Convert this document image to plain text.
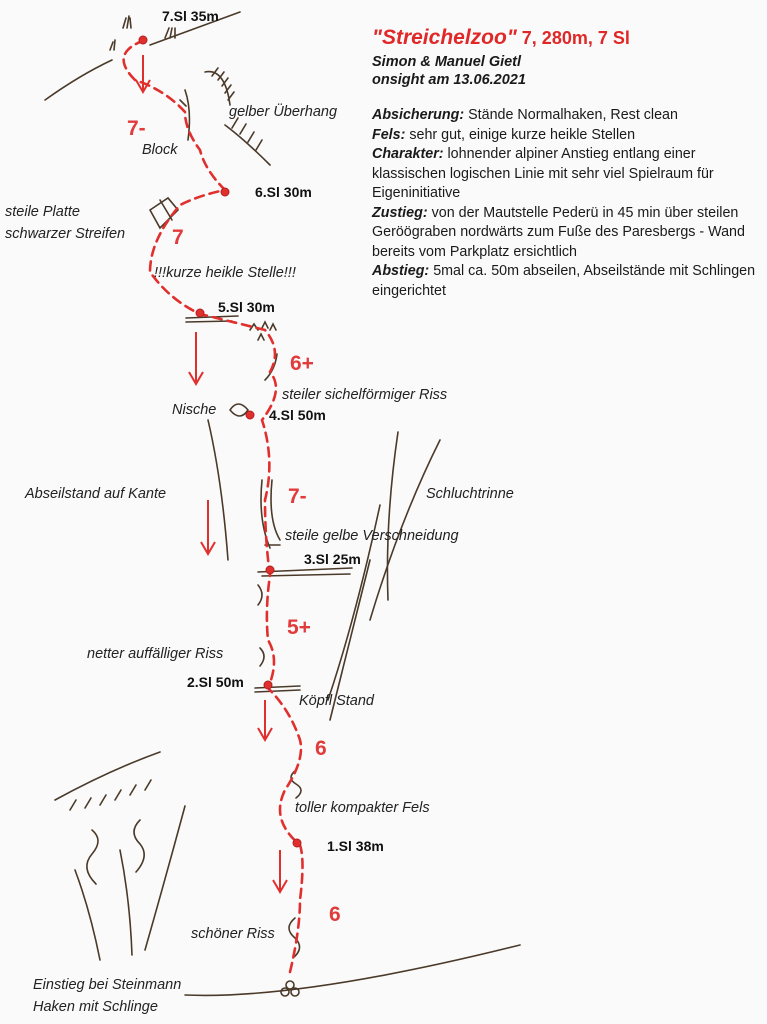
"Streichelzoo" 7, 280m, 7 Sl
Simon & Manuel Gietl
onsight am 13.06.2021
Absicherung: Stände Normalhaken, Rest clean
Fels: sehr gut, einige kurze heikle Stellen
Charakter: lohnender alpiner Anstieg entlang einer klassischen logischen Linie mit sehr viel Spielraum für Eigeninitiative
Zustieg: von der Mautstelle Pederü in 45 min über steilen Geröögraben nordwärts zum Fuße des Paresbergs - Wand bereits vom Parkplatz ersichtlich
Abstieg: 5mal ca. 50m abseilen, Abseilstände mit Schlingen eingerichtet
7.Sl 35m
6.Sl 30m
5.Sl 30m
4.Sl 50m
3.Sl 25m
2.Sl 50m
1.Sl 38m
7-
7
6+
7-
5+
6
6
gelber Überhang
Block
steile Platte
schwarzer Streifen
!!!kurze heikle Stelle!!!
steiler sichelförmiger Riss
Nische
Abseilstand auf Kante	Schluchtrinne
steile gelbe Verschneidung
netter auffälliger Riss
Köpfl Stand
toller kompakter Fels
schöner Riss
Einstieg bei Steinmann
Haken mit Schlinge
